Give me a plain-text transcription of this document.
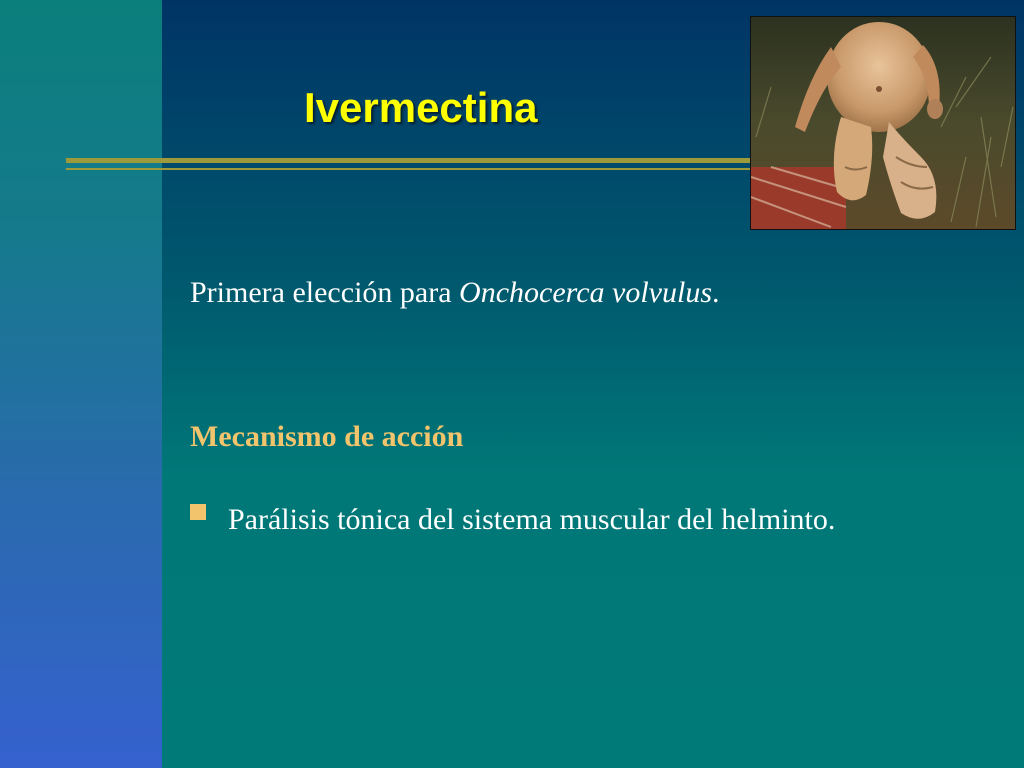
Ivermectina
Primera elección para Onchocerca volvulus.
Mecanismo de acción
Parálisis tónica del sistema muscular del helminto.
